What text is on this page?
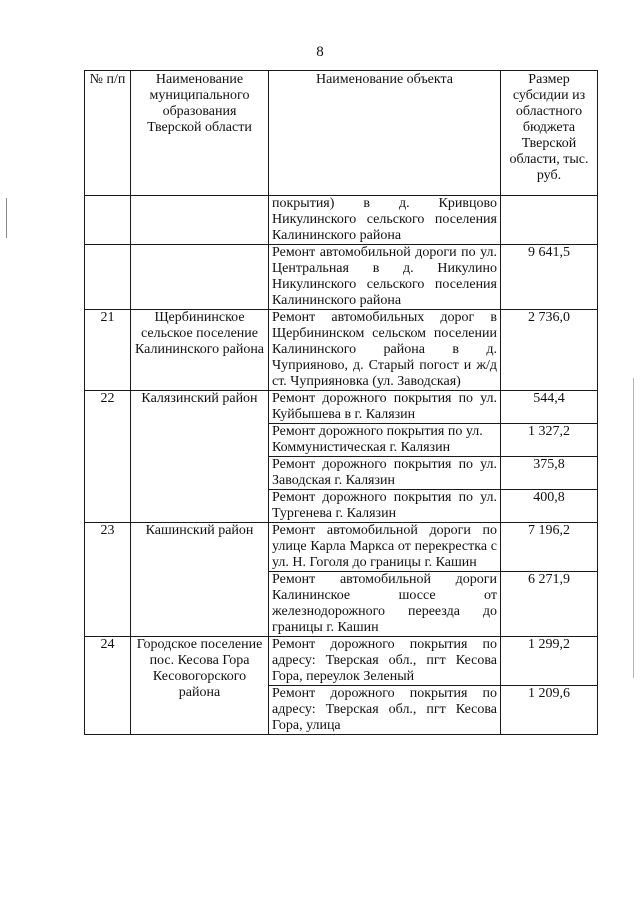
8
№ п/п	Наименование муниципального образования Тверской области	Наименование объекта	Размер субсидии из областного бюджета Тверской области, тыс. руб.
		покрытия) в д. Кривцово Никулинского сельского поселения Калининского района	
		Ремонт автомобильной дороги по ул. Центральная в д. Никулино Никулинского сельского поселения Калининского района	9 641,5
21	Щербининское сельское поселение Калининского района	Ремонт автомобильных дорог в Щербининском сельском поселении Калининского района в д. Чуприяново, д. Старый погост и ж/д ст. Чуприяновка (ул. Заводская)	2 736,0
22	Калязинский район	Ремонт дорожного покрытия по ул. Куйбышева в г. Калязин	544,4
		Ремонт дорожного покрытия по ул. Коммунистическая г. Калязин	1 327,2
		Ремонт дорожного покрытия по ул. Заводская г. Калязин	375,8
		Ремонт дорожного покрытия по ул. Тургенева г. Калязин	400,8
23	Кашинский район	Ремонт автомобильной дороги по улице Карла Маркса от перекрестка с ул. Н. Гоголя до границы г. Кашин	7 196,2
		Ремонт автомобильной дороги Калининское шоссе от железнодорожного переезда до границы г. Кашин	6 271,9
24	Городское поселение пос. Кесова Гора Кесовогорского района	Ремонт дорожного покрытия по адресу: Тверская обл., пгт Кесова Гора, переулок Зеленый	1 299,2
		Ремонт дорожного покрытия по адресу: Тверская обл., пгт Кесова Гора, улица	1 209,6
